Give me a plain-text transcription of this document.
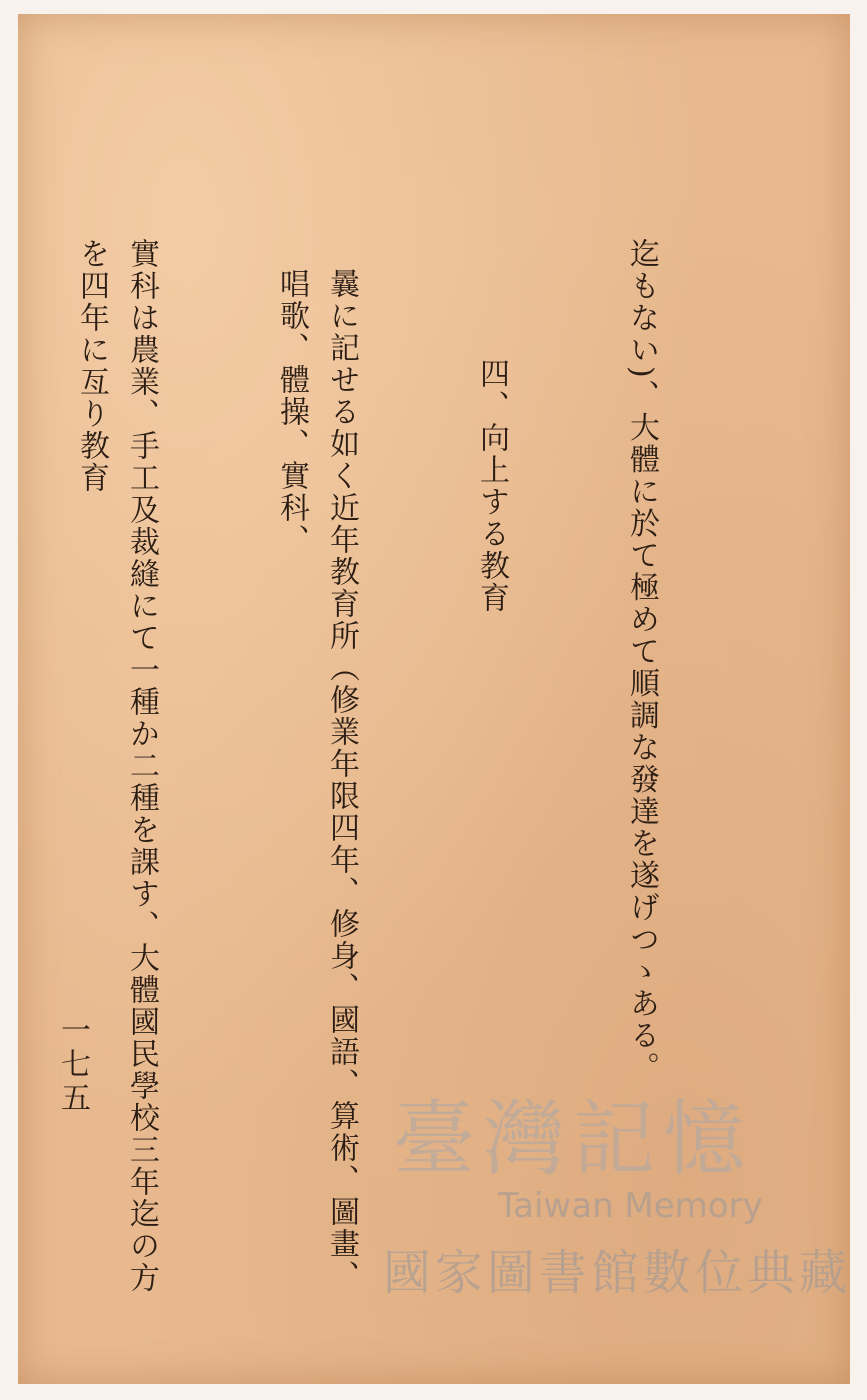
迄もない)、大體に於て極めて順調な發達を遂げつゝある。

四、向上する教育

曩に記せる如く近年教育所（修業年限四年、修身、國語、算術、圖畫、唱歌、體操、實科、

實科は農業、手工及裁縫にて一種か二種を課す、大體國民學校三年迄の方を四年に亙り教育

一七五
臺灣記憶
Taiwan Memory
國家圖書館數位典藏
